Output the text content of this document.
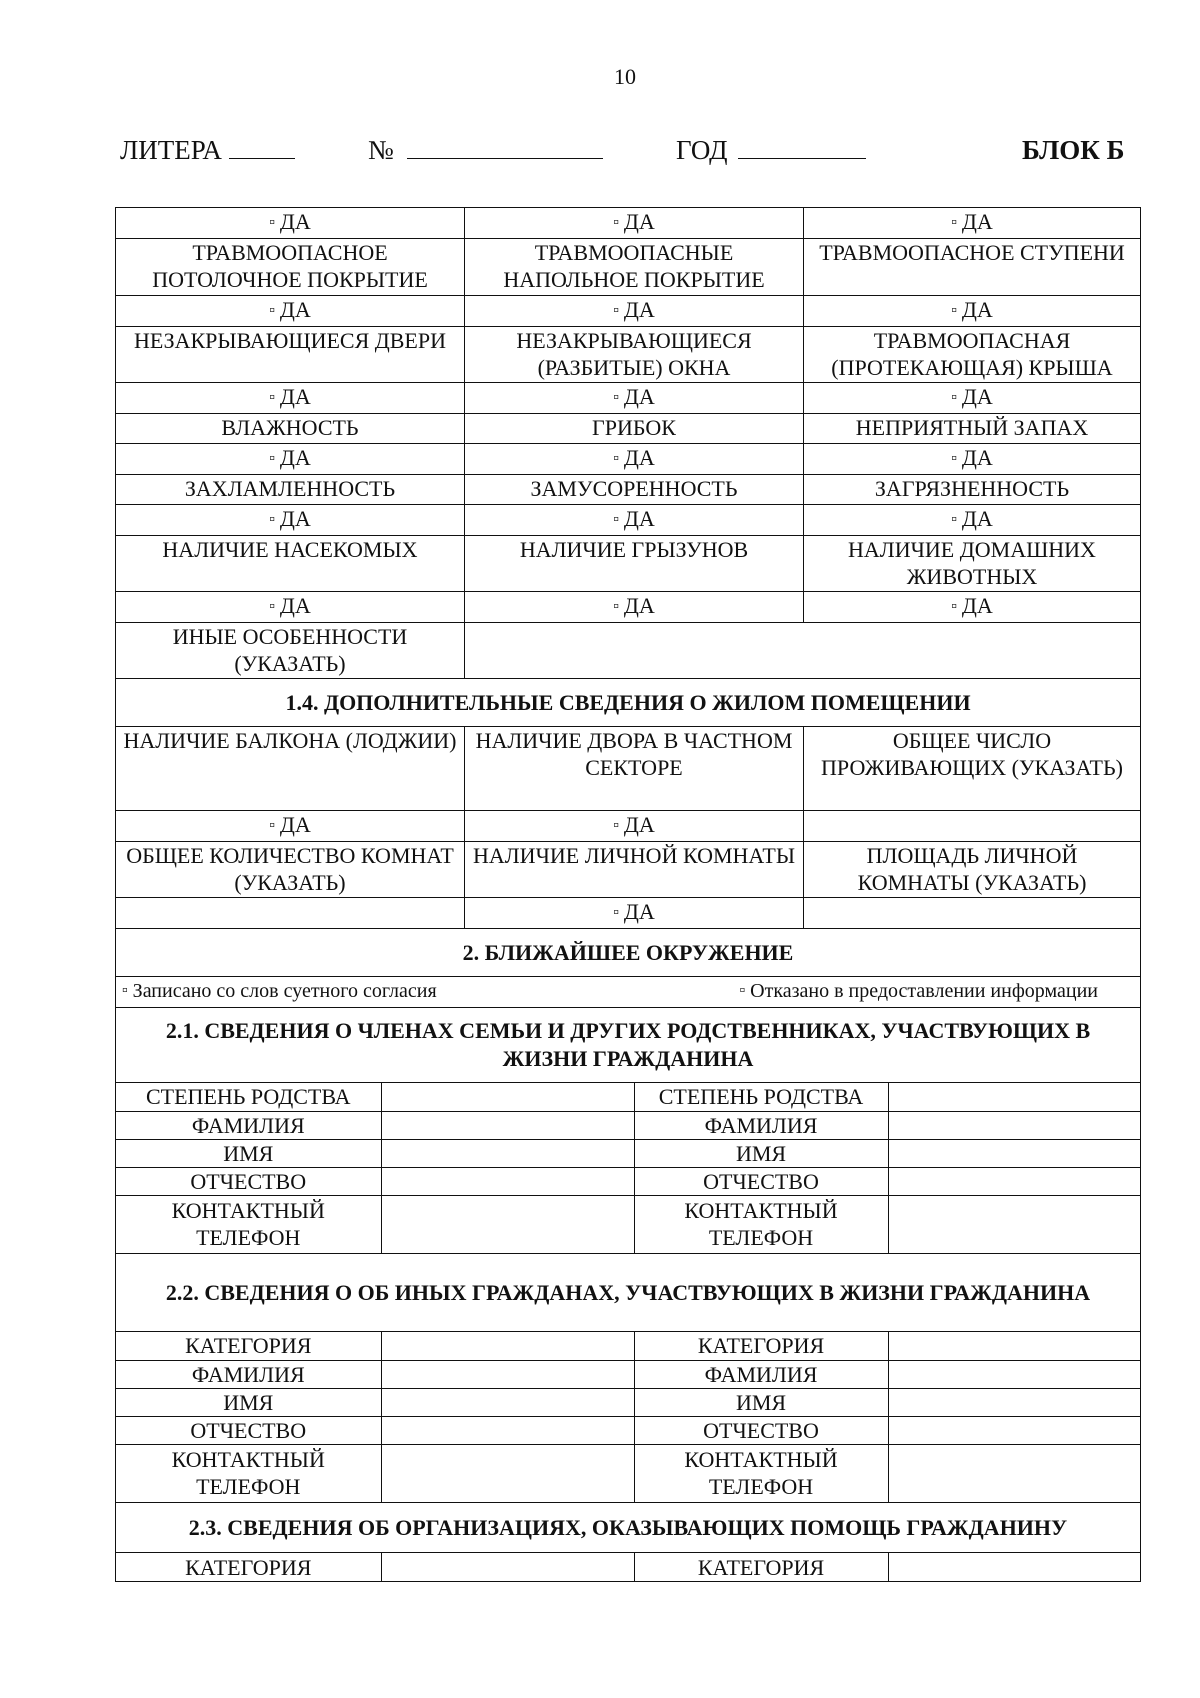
10
ЛИТЕРА	№	ГОД	БЛОК Б
▫ ДА	▫ ДА	▫ ДА
ТРАВМООПАСНОЕ ПОТОЛОЧНОЕ ПОКРЫТИЕ	ТРАВМООПАСНЫЕ НАПОЛЬНОЕ ПОКРЫТИЕ	ТРАВМООПАСНОЕ СТУПЕНИ
▫ ДА	▫ ДА	▫ ДА
НЕЗАКРЫВАЮЩИЕСЯ ДВЕРИ	НЕЗАКРЫВАЮЩИЕСЯ (РАЗБИТЫЕ) ОКНА	ТРАВМООПАСНАЯ (ПРОТЕКАЮЩАЯ) КРЫША
▫ ДА	▫ ДА	▫ ДА
ВЛАЖНОСТЬ	ГРИБОК	НЕПРИЯТНЫЙ ЗАПАХ
▫ ДА	▫ ДА	▫ ДА
ЗАХЛАМЛЕННОСТЬ	ЗАМУСОРЕННОСТЬ	ЗАГРЯЗНЕННОСТЬ
▫ ДА	▫ ДА	▫ ДА
НАЛИЧИЕ НАСЕКОМЫХ	НАЛИЧИЕ ГРЫЗУНОВ	НАЛИЧИЕ ДОМАШНИХ ЖИВОТНЫХ
▫ ДА	▫ ДА	▫ ДА
ИНЫЕ ОСОБЕННОСТИ (УКАЗАТЬ)	
1.4. ДОПОЛНИТЕЛЬНЫЕ СВЕДЕНИЯ О ЖИЛОМ ПОМЕЩЕНИИ
НАЛИЧИЕ БАЛКОНА (ЛОДЖИИ)	НАЛИЧИЕ ДВОРА В ЧАСТНОМ СЕКТОРЕ	ОБЩЕЕ ЧИСЛО ПРОЖИВАЮЩИХ (УКАЗАТЬ)
▫ ДА	▫ ДА	
ОБЩЕЕ КОЛИЧЕСТВО КОМНАТ (УКАЗАТЬ)	НАЛИЧИЕ ЛИЧНОЙ КОМНАТЫ	ПЛОЩАДЬ ЛИЧНОЙ КОМНАТЫ (УКАЗАТЬ)
	▫ ДА	
2. БЛИЖАЙШЕЕ ОКРУЖЕНИЕ

▫ Записано со слов суетного согласия	▫ Отказано в предоставлении информации

2.1. СВЕДЕНИЯ О ЧЛЕНАХ СЕМЬИ И ДРУГИХ РОДСТВЕННИКАХ, УЧАСТВУЮЩИХ В ЖИЗНИ ГРАЖДАНИНА

СТЕПЕНЬ РОДСТВА		СТЕПЕНЬ РОДСТВА	
ФАМИЛИЯ		ФАМИЛИЯ	
ИМЯ		ИМЯ	
ОТЧЕСТВО		ОТЧЕСТВО	
КОНТАКТНЫЙ ТЕЛЕФОН		КОНТАКТНЫЙ ТЕЛЕФОН	

2.2. СВЕДЕНИЯ О ОБ ИНЫХ ГРАЖДАНАХ, УЧАСТВУЮЩИХ В ЖИЗНИ ГРАЖДАНИНА

КАТЕГОРИЯ		КАТЕГОРИЯ	
ФАМИЛИЯ		ФАМИЛИЯ	
ИМЯ		ИМЯ	
ОТЧЕСТВО		ОТЧЕСТВО	
КОНТАКТНЫЙ ТЕЛЕФОН		КОНТАКТНЫЙ ТЕЛЕФОН	

2.3. СВЕДЕНИЯ ОБ ОРГАНИЗАЦИЯХ, ОКАЗЫВАЮЩИХ ПОМОЩЬ ГРАЖДАНИНУ

КАТЕГОРИЯ		КАТЕГОРИЯ	
